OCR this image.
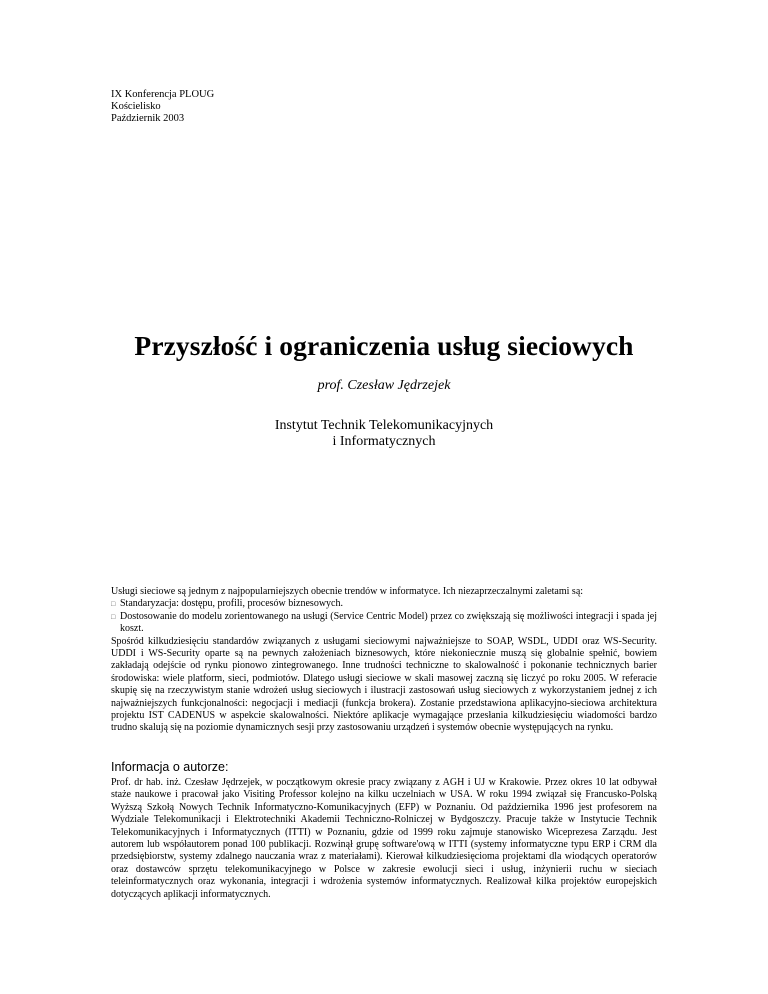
IX Konferencja PLOUG
Kościelisko
Październik 2003
Przyszłość i ograniczenia usług sieciowych
prof. Czesław Jędrzejek
Instytut Technik Telekomunikacyjnych
i Informatycznych

Usługi sieciowe są jednym z najpopularniejszych obecnie trendów w informatyce. Ich niezaprzeczalnymi zaletami są:

□ Standaryzacja: dostępu, profili, procesów biznesowych.

□ Dostosowanie do modelu zorientowanego na usługi (Service Centric Model) przez co zwiększają się możliwości integracji i spada jej koszt.

Spośród kilkudziesięciu standardów związanych z usługami sieciowymi najważniejsze to SOAP, WSDL, UDDI oraz WS-Security. UDDI i WS-Security oparte są na pewnych założeniach biznesowych, które niekoniecznie muszą się globalnie spełnić, bowiem zakładają odejście od rynku pionowo zintegrowanego. Inne trudności techniczne to skalowalność i pokonanie technicznych barier środowiska: wiele platform, sieci, podmiotów. Dlatego usługi sieciowe w skali masowej zaczną się liczyć po roku 2005. W referacie skupię się na rzeczywistym stanie wdrożeń usług sieciowych i ilustracji zastosowań usług sieciowych z wykorzystaniem jednej z ich najważniejszych funkcjonalności: negocjacji i mediacji (funkcja brokera). Zostanie przedstawiona aplikacyjno-sieciowa architektura projektu IST CADENUS w aspekcie skalowalności. Niektóre aplikacje wymagające przesłania kilkudziesięciu wiadomości bardzo trudno skalują się na poziomie dynamicznych sesji przy zastosowaniu urządzeń i systemów obecnie występujących na rynku.

Informacja o autorze:
Prof. dr hab. inż. Czesław Jędrzejek, w początkowym okresie pracy związany z AGH i UJ w Krakowie. Przez okres 10 lat odbywał staże naukowe i pracował jako Visiting Professor kolejno na kilku uczelniach w USA. W roku 1994 związał się Francusko-Polską Wyższą Szkołą Nowych Technik Informatyczno-Komunikacyjnych (EFP) w Poznaniu. Od października 1996 jest profesorem na Wydziale Telekomunikacji i Elektrotechniki Akademii Techniczno-Rolniczej w Bydgoszczy. Pracuje także w Instytucie Technik Telekomunikacyjnych i Informatycznych (ITTI) w Poznaniu, gdzie od 1999 roku zajmuje stanowisko Wiceprezesa Zarządu. Jest autorem lub współautorem ponad 100 publikacji. Rozwinął grupę software'ową w ITTI (systemy informatyczne typu ERP i CRM dla przedsiębiorstw, systemy zdalnego nauczania wraz z materiałami). Kierował kilkudziesięcioma projektami dla wiodących operatorów oraz dostawców sprzętu telekomunikacyjnego w Polsce w zakresie ewolucji sieci i usług, inżynierii ruchu w sieciach teleinformatycznych oraz wykonania, integracji i wdrożenia systemów informatycznych. Realizował kilka projektów europejskich dotyczących aplikacji informatycznych.
